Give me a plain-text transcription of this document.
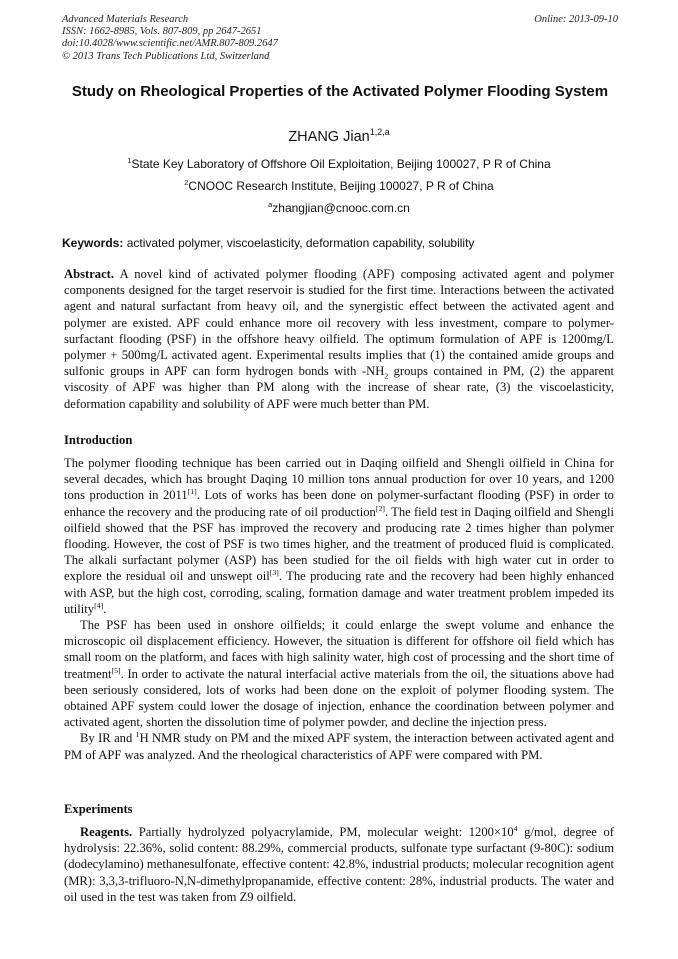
Advanced Materials Research
ISSN: 1662-8985, Vols. 807-809, pp 2647-2651
doi:10.4028/www.scientific.net/AMR.807-809.2647
© 2013 Trans Tech Publications Ltd, Switzerland
Online: 2013-09-10
Study on Rheological Properties of the Activated Polymer Flooding System
ZHANG Jian$^{1,2,a}$
$^1$State Key Laboratory of Offshore Oil Exploitation, Beijing 100027, P R of China
$^2$CNOOC Research Institute, Beijing 100027, P R of China
$^a$zhangjian@cnooc.com.cn
Keywords: activated polymer, viscoelasticity, deformation capability, solubility

Abstract. A novel kind of activated polymer flooding (APF) composing activated agent and polymer components designed for the target reservoir is studied for the first time. Interactions between the activated agent and natural surfactant from heavy oil, and the synergistic effect between the activated agent and polymer are existed. APF could enhance more oil recovery with less investment, compare to polymer-surfactant flooding (PSF) in the offshore heavy oilfield. The optimum formulation of APF is 1200mg/L polymer + 500mg/L activated agent. Experimental results implies that (1) the contained amide groups and sulfonic groups in APF can form hydrogen bonds with $-NH_2$ groups contained in PM, (2) the apparent viscosity of APF was higher than PM along with the increase of shear rate, (3) the viscoelasticity, deformation capability and solubility of APF were much better than PM.

Introduction

The polymer flooding technique has been carried out in Daqing oilfield and Shengli oilfield in China for several decades, which has brought Daqing 10 million tons annual production for over 10 years, and 1200 tons production in 2011[1]. Lots of works has been done on polymer-surfactant flooding (PSF) in order to enhance the recovery and the producing rate of oil production[2]. The field test in Daqing oilfield and Shengli oilfield showed that the PSF has improved the recovery and producing rate 2 times higher than polymer flooding. However, the cost of PSF is two times higher, and the treatment of produced fluid is complicated. The alkali surfactant polymer (ASP) has been studied for the oil fields with high water cut in order to explore the residual oil and unswept oil[3]. The producing rate and the recovery had been highly enhanced with ASP, but the high cost, corroding, scaling, formation damage and water treatment problem impeded its utility[4].

The PSF has been used in onshore oilfields; it could enlarge the swept volume and enhance the microscopic oil displacement efficiency. However, the situation is different for offshore oil field which has small room on the platform, and faces with high salinity water, high cost of processing and the short time of treatment[5]. In order to activate the natural interfacial active materials from the oil, the situations above had been seriously considered, lots of works had been done on the exploit of polymer flooding system. The obtained APF system could lower the dosage of injection, enhance the coordination between polymer and activated agent, shorten the dissolution time of polymer powder, and decline the injection press.

By IR and $^1$H NMR study on PM and the mixed APF system, the interaction between activated agent and PM of APF was analyzed. And the rheological characteristics of APF were compared with PM.

Experiments

Reagents. Partially hydrolyzed polyacrylamide, PM, molecular weight: $1200\times 10^4$ g/mol, degree of hydrolysis: 22.36%, solid content: 88.29%, commercial products, sulfonate type surfactant (9-80C): sodium (dodecylamino) methanesulfonate, effective content: 42.8%, industrial products; molecular recognition agent (MR): 3,3,3-trifluoro-N,N-dimethylpropanamide, effective content: 28%, industrial products. The water and oil used in the test was taken from Z9 oilfield.
